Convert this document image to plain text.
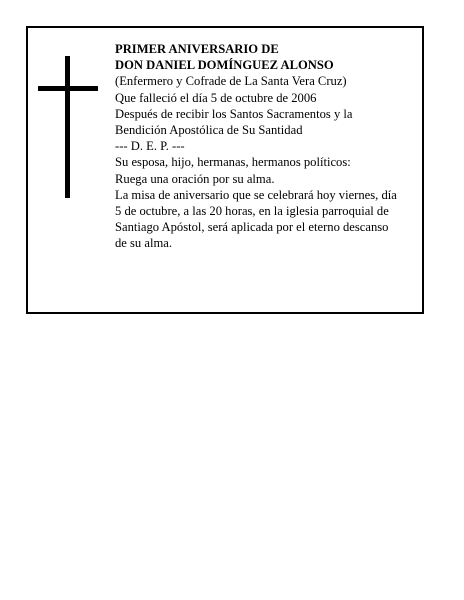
PRIMER ANIVERSARIO DE
DON DANIEL DOMÍNGUEZ ALONSO
(Enfermero y Cofrade de La Santa Vera Cruz)
Que falleció el día 5 de octubre de 2006
Después de recibir los Santos Sacramentos y la
Bendición Apostólica de Su Santidad
--- D. E. P. ---
Su esposa, hijo, hermanas, hermanos políticos:
Ruega una oración por su alma.
La misa de aniversario que se celebrará hoy viernes, día
5 de octubre, a las 20 horas, en la iglesia parroquial de
Santiago Apóstol, será aplicada por el eterno descanso
de su alma.
